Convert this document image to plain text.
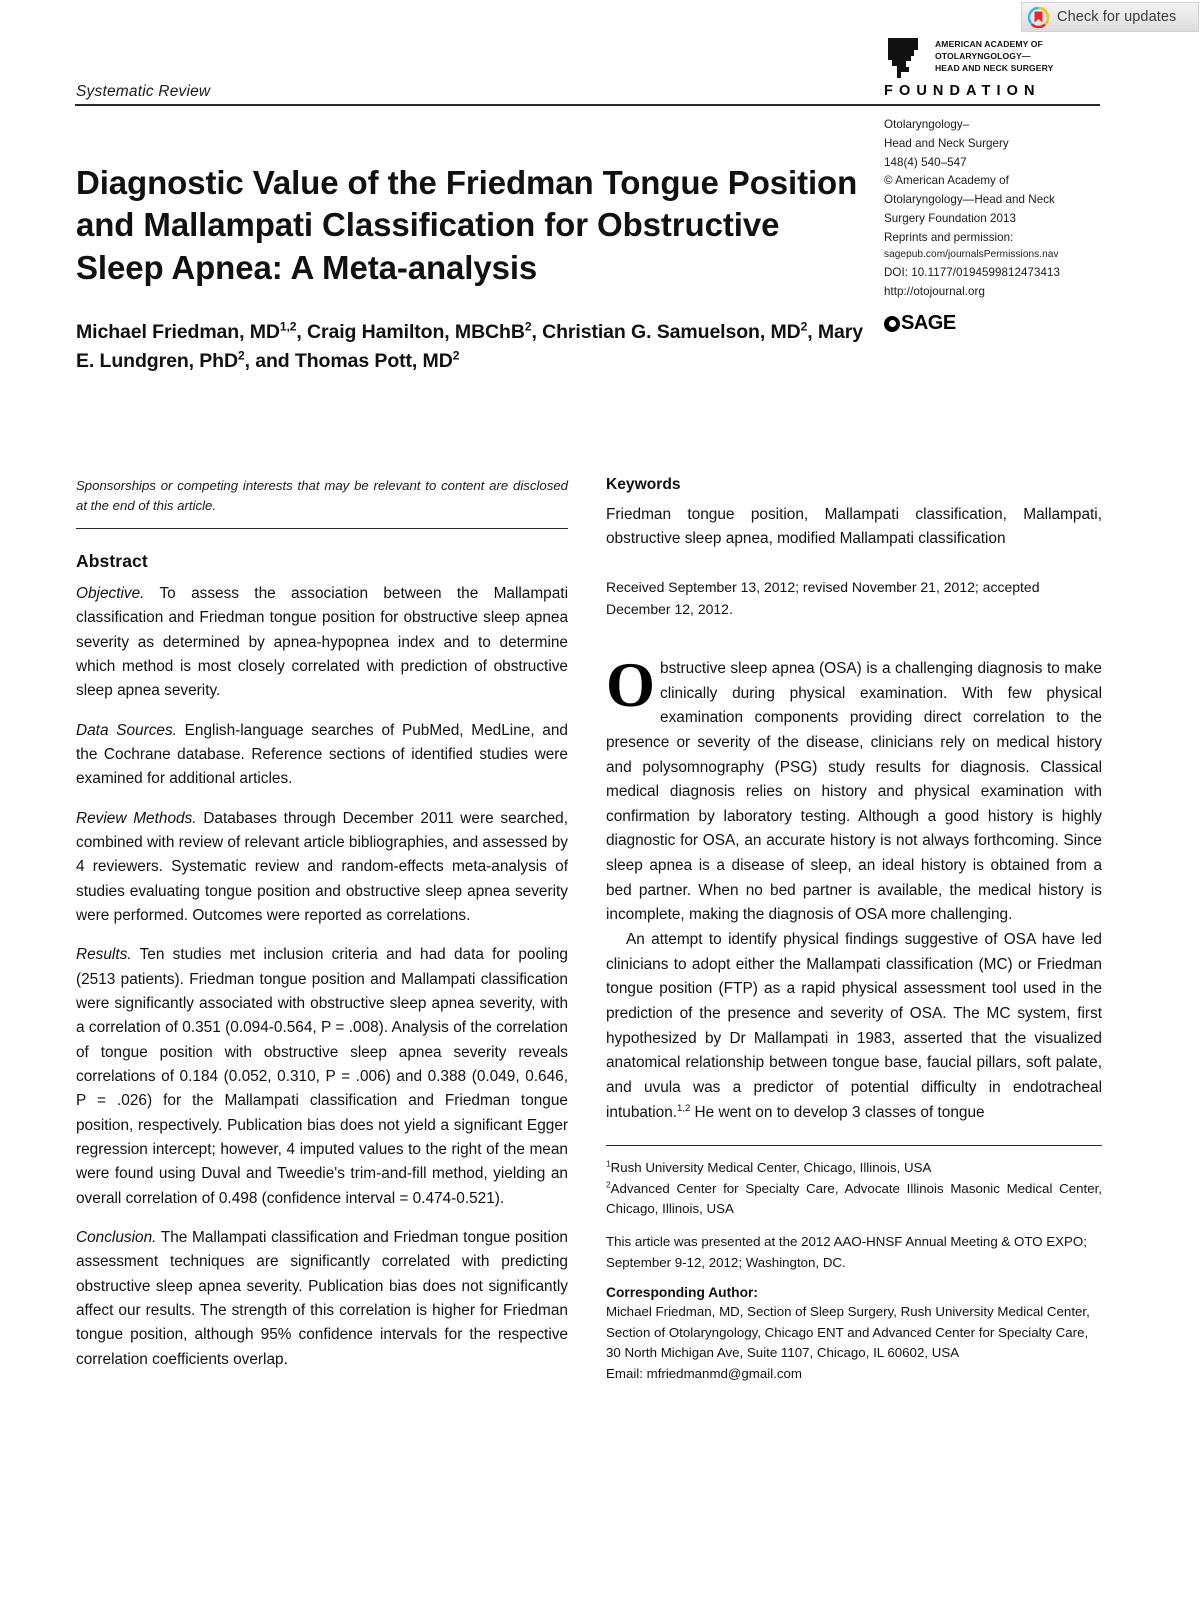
Check for updates
AMERICAN ACADEMY OF
OTOLARYNGOLOGY—
HEAD AND NECK SURGERY
FOUNDATION
Systematic Review
Otolaryngology–
Head and Neck Surgery
148(4) 540–547
© American Academy of
Otolaryngology—Head and Neck
Surgery Foundation 2013
Reprints and permission:
sagepub.com/journalsPermissions.nav
DOI: 10.1177/0194599812473413
http://otojournal.org
SAGE
Diagnostic Value of the Friedman Tongue Position and Mallampati Classification for Obstructive Sleep Apnea: A Meta-analysis
Michael Friedman, MD$^{1,2}$, Craig Hamilton, MBChB$^2$, Christian G. Samuelson, $MD^2$, Mary E. Lundgren, PhD$^2$, and Thomas Pott, $MD^2$
Sponsorships or competing interests that may be relevant to content are disclosed at the end of this article.
Abstract

Objective. To assess the association between the Mallampati classification and Friedman tongue position for obstructive sleep apnea severity as determined by apnea-hypopnea index and to determine which method is most closely correlated with prediction of obstructive sleep apnea severity.

Data Sources. English-language searches of PubMed, MedLine, and the Cochrane database. Reference sections of identified studies were examined for additional articles.

Review Methods. Databases through December 2011 were searched, combined with review of relevant article bibliographies, and assessed by 4 reviewers. Systematic review and random-effects meta-analysis of studies evaluating tongue position and obstructive sleep apnea severity were performed. Outcomes were reported as correlations.

Results. Ten studies met inclusion criteria and had data for pooling (2513 patients). Friedman tongue position and Mallampati classification were significantly associated with obstructive sleep apnea severity, with a correlation of 0.351 (0.094-0.564, P = .008). Analysis of the correlation of tongue position with obstructive sleep apnea severity reveals correlations of 0.184 (0.052, 0.310, P = .006) and 0.388 (0.049, 0.646, P = .026) for the Mallampati classification and Friedman tongue position, respectively. Publication bias does not yield a significant Egger regression intercept; however, 4 imputed values to the right of the mean were found using Duval and Tweedie's trim-and-fill method, yielding an overall correlation of 0.498 (confidence interval = 0.474-0.521).

Conclusion. The Mallampati classification and Friedman tongue position assessment techniques are significantly correlated with predicting obstructive sleep apnea severity. Publication bias does not significantly affect our results. The strength of this correlation is higher for Friedman tongue position, although 95% confidence intervals for the respective correlation coefficients overlap.

Keywords

Friedman tongue position, Mallampati classification, Mallampati, obstructive sleep apnea, modified Mallampati classification

Received September 13, 2012; revised November 21, 2012; accepted December 12, 2012.
O bstructive sleep apnea (OSA) is a challenging diagnosis to make clinically during physical examination. With few physical examination components providing direct correlation to the presence or severity of the disease, clinicians rely on medical history and polysomnography (PSG) study results for diagnosis. Classical medical diagnosis relies on history and physical examination with confirmation by laboratory testing. Although a good history is highly diagnostic for OSA, an accurate history is not always forthcoming. Since sleep apnea is a disease of sleep, an ideal history is obtained from a bed partner. When no bed partner is available, the medical history is incomplete, making the diagnosis of OSA more challenging.

An attempt to identify physical findings suggestive of OSA have led clinicians to adopt either the Mallampati classification (MC) or Friedman tongue position (FTP) as a rapid physical assessment tool used in the prediction of the presence and severity of OSA. The MC system, first hypothesized by Dr Mallampati in 1983, asserted that the visualized anatomical relationship between tongue base, faucial pillars, soft palate, and uvula was a predictor of potential difficulty in endotracheal intubation.$^{1,2}$ He went on to develop 3 classes of tongue

$^1$Rush University Medical Center, Chicago, Illinois, USA
$^2$Advanced Center for Specialty Care, Advocate Illinois Masonic Medical Center, Chicago, Illinois, USA

This article was presented at the 2012 AAO-HNSF Annual Meeting & OTO EXPO; September 9-12, 2012; Washington, DC.

Corresponding Author:

Michael Friedman, MD, Section of Sleep Surgery, Rush University Medical Center, Section of Otolaryngology, Chicago ENT and Advanced Center for Specialty Care, 30 North Michigan Ave, Suite 1107, Chicago, IL 60602, USA

Email: mfriedmanmd@gmail.com
